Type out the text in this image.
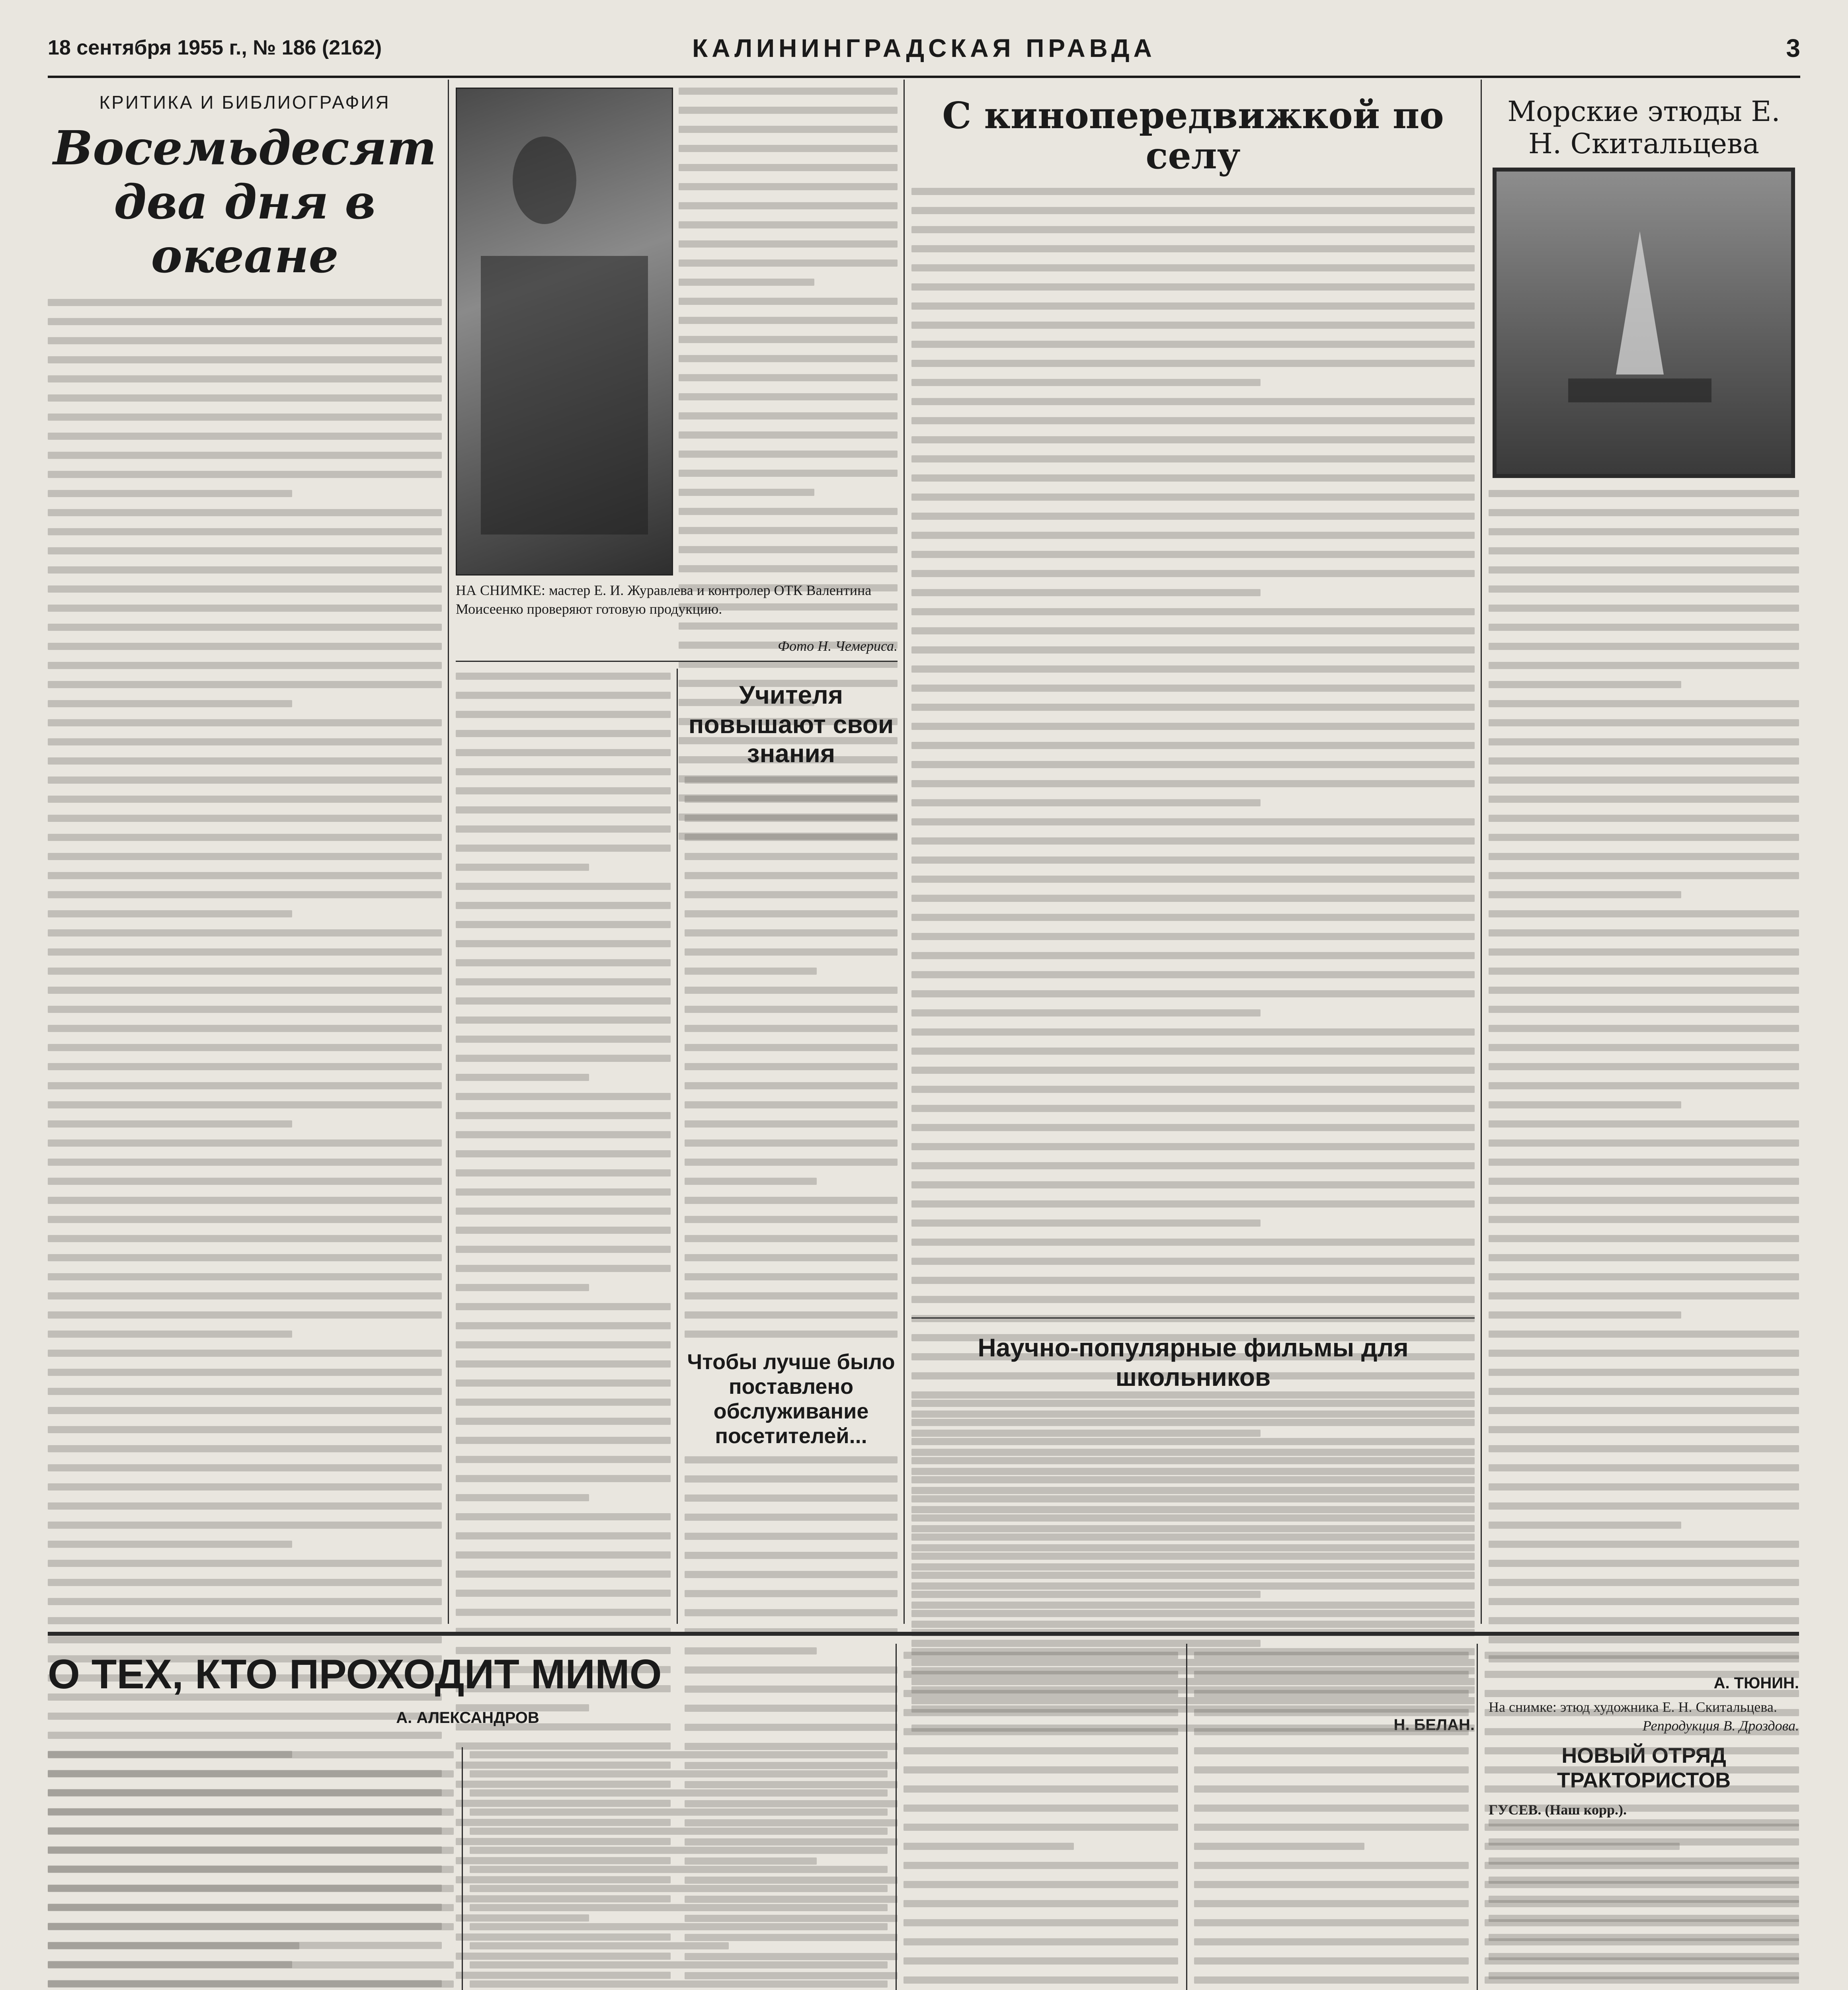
18 сентября 1955 г., № 186 (2162)	КАЛИНИНГРАДСКАЯ ПРАВДА	3
КРИТИКА И БИБЛИОГРАФИЯ
Восемьдесят два дня в океане
НА СНИМКЕ: мастер Е. И. Журавлева и контролер ОТК Валентина Моисеенко проверяют готовую продукцию.
Фото Н. Чемериса.
Учителя повышают свои знания
Чтобы лучше было поставлено обслуживание посетителей...
С кинопередвижкой по селу
Н. БЕЛАН.
Научно-популярные фильмы для школьников
Морские этюды Е. Н. Скитальцева
А. ТЮНИН.
На снимке: этюд художника Е. Н. Скитальцева.
Репродукция В. Дроздова.
НОВЫЙ ОТРЯД ТРАКТОРИСТОВ
ГУСЕВ. (Наш корр.).
О ТЕХ, КТО ПРОХОДИТ МИМО
А. АЛЕКСАНДРОВ
